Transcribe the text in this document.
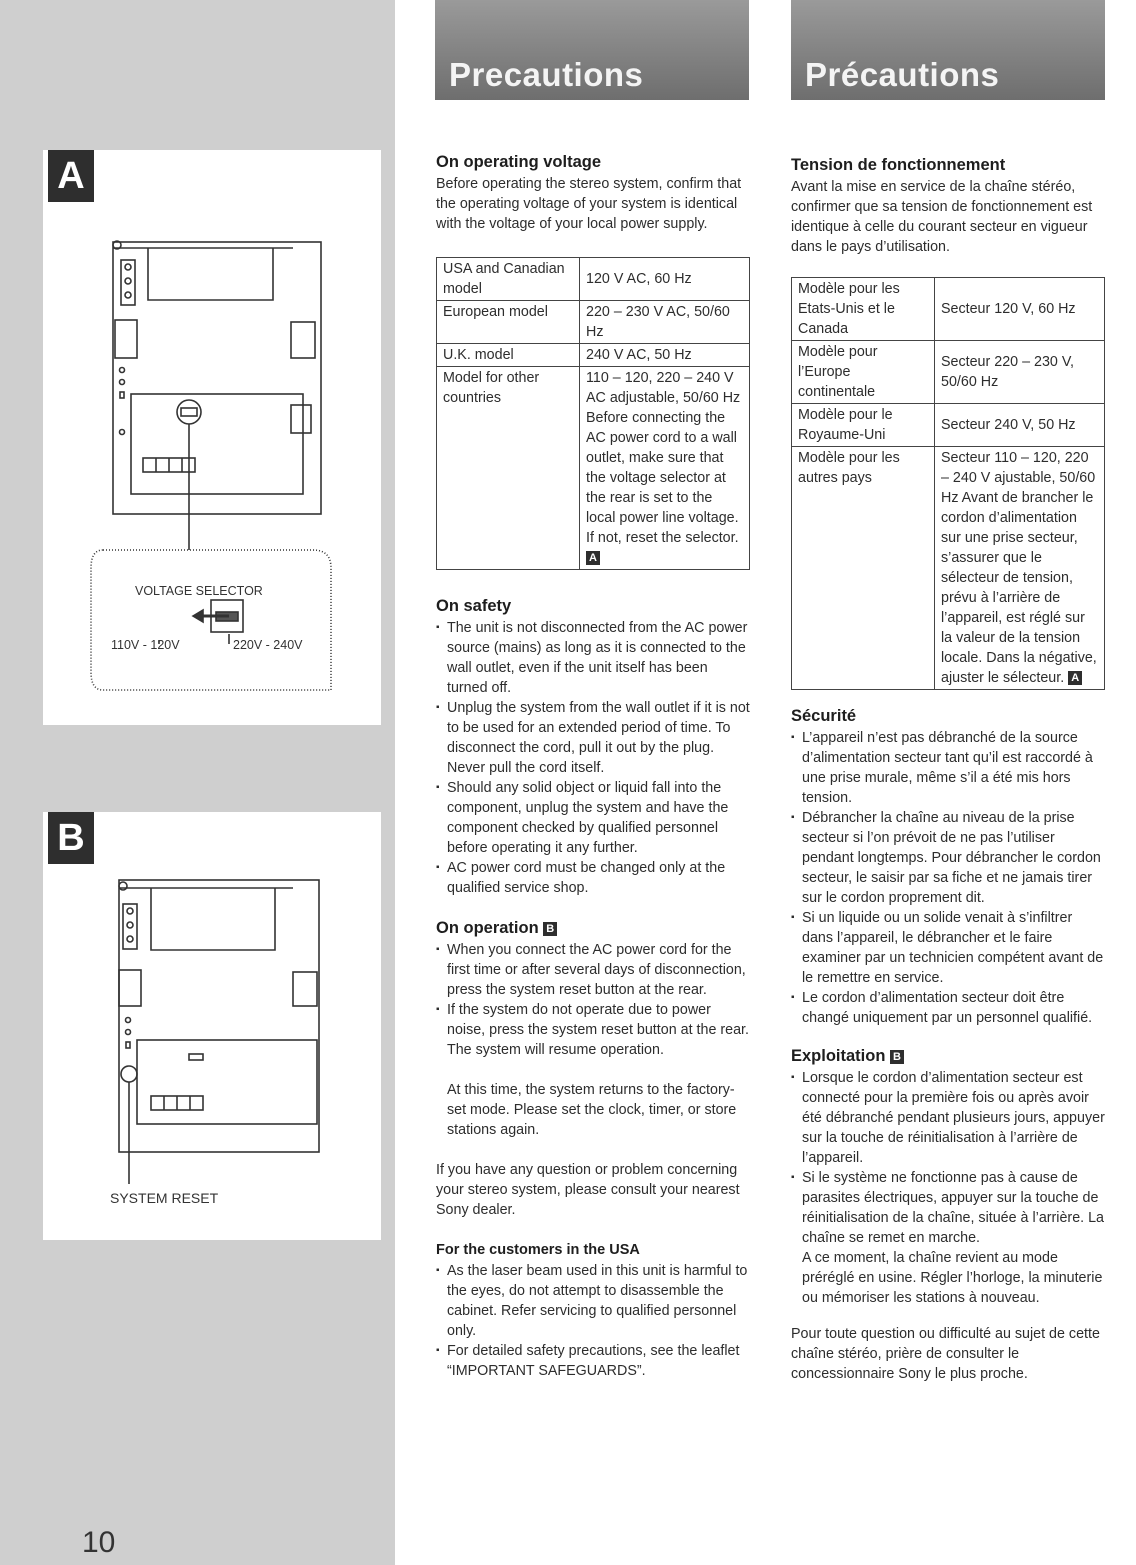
VOLTAGE SELECTOR
110V - 120V	220V - 240V
SYSTEM RESET
A
B
10
Precautions	Précautions
On operating voltage

Before operating the stereo system, confirm that the operating voltage of your system is identical with the voltage of your local power supply.

USA and Canadian model	120 V AC, 60 Hz
European model	220 – 230 V AC, 50/60 Hz
U.K. model	240 V AC, 50 Hz
Model for other countries	110 – 120, 220 – 240 V AC adjustable, 50/60 Hz Before connecting the AC power cord to a wall outlet, make sure that the voltage selector at the rear is set to the local power line voltage. If not, reset the selector. A
On safety
▪ The unit is not disconnected from the AC power source (mains) as long as it is connected to the wall outlet, even if the unit itself has been turned off.
▪ Unplug the system from the wall outlet if it is not to be used for an extended period of time. To disconnect the cord, pull it out by the plug. Never pull the cord itself.
▪ Should any solid object or liquid fall into the component, unplug the system and have the component checked by qualified personnel before operating it any further.
▪ AC power cord must be changed only at the qualified service shop.
On operation B
▪ When you connect the AC power cord for the first time or after several days of disconnection, press the system reset button at the rear.
▪ If the system do not operate due to power noise, press the system reset button at the rear. The system will resume operation.

At this time, the system returns to the factory-set mode. Please set the clock, timer, or store stations again.

If you have any question or problem concerning your stereo system, please consult your nearest Sony dealer.

For the customers in the USA
▪ As the laser beam used in this unit is harmful to the eyes, do not attempt to disassemble the cabinet. Refer servicing to qualified personnel only.
▪ For detailed safety precautions, see the leaflet “IMPORTANT SAFEGUARDS”.
Tension de fonctionnement

Avant la mise en service de la chaîne stéréo, confirmer que sa tension de fonctionnement est identique à celle du courant secteur en vigueur dans le pays d’utilisation.

Modèle pour les Etats-Unis et le Canada	Secteur 120 V, 60 Hz
Modèle pour l’Europe continentale	Secteur 220 – 230 V, 50/60 Hz
Modèle pour le Royaume-Uni	Secteur 240 V, 50 Hz
Modèle pour les autres pays	Secteur 110 – 120, 220 – 240 V ajustable, 50/60 Hz Avant de brancher le cordon d’alimentation sur une prise secteur, s’assurer que le sélecteur de tension, prévu à l’arrière de l’appareil, est réglé sur la valeur de la tension locale. Dans la négative, ajuster le sélecteur. A
Sécurité
▪ L’appareil n’est pas débranché de la source d’alimentation secteur tant qu’il est raccordé à une prise murale, même s’il a été mis hors tension.
▪ Débrancher la chaîne au niveau de la prise secteur si l’on prévoit de ne pas l’utiliser pendant longtemps. Pour débrancher le cordon secteur, le saisir par sa fiche et ne jamais tirer sur le cordon proprement dit.
▪ Si un liquide ou un solide venait à s’infiltrer dans l’appareil, le débrancher et le faire examiner par un technicien compétent avant de le remettre en service.
▪ Le cordon d’alimentation secteur doit être changé uniquement par un personnel qualifié.
Exploitation B
▪ Lorsque le cordon d’alimentation secteur est connecté pour la première fois ou après avoir été débranché pendant plusieurs jours, appuyer sur la touche de réinitialisation à l’arrière de l’appareil.
▪ Si le système ne fonctionne pas à cause de parasites électriques, appuyer sur la touche de réinitialisation de la chaîne, située à l’arrière. La chaîne se remet en marche.

A ce moment, la chaîne revient au mode préréglé en usine. Régler l’horloge, la minuterie ou mémoriser les stations à nouveau.

Pour toute question ou difficulté au sujet de cette chaîne stéréo, prière de consulter le concessionnaire Sony le plus proche.
